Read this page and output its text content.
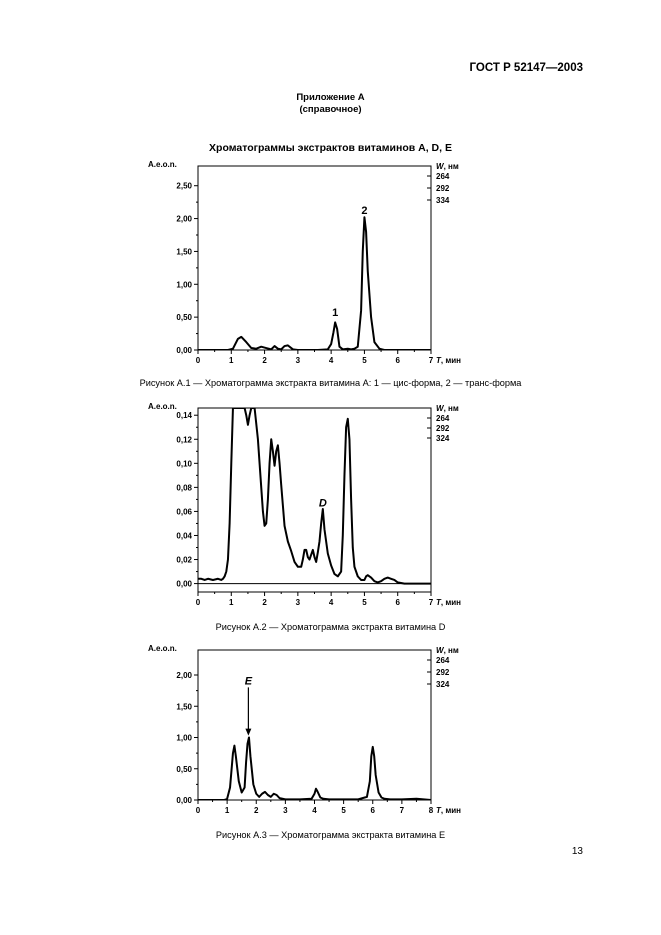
ГОСТ Р 52147—2003
Приложение А
(справочное)
Хроматограммы экстрактов витаминов A, D, E
0,00
0,50
1,00
1,50
2,00
2,50
0	1	2	3	4	5	6	7 T, мин
A.e.o.n.	W, нм
264
292
334
1
2
Рисунок А.1 — Хроматограмма экстракта витамина А: 1 — цис-форма, 2 — транс-форма
0,00
0,02
0,04
0,06
0,08
0,10
0,12
0,14
0	1	2	3	4	5	6	7 T, мин
A.e.o.n.	W, нм
264
292
324
D
Рисунок А.2 — Хроматограмма экстракта витамина D
0,00
0,50
1,00
1,50
2,00
0	1	2	3	4	5	6	7	8 T, мин
A.e.o.n.	W, нм
264
292
324
E
Рисунок А.3 — Хроматограмма экстракта витамина Е
13
